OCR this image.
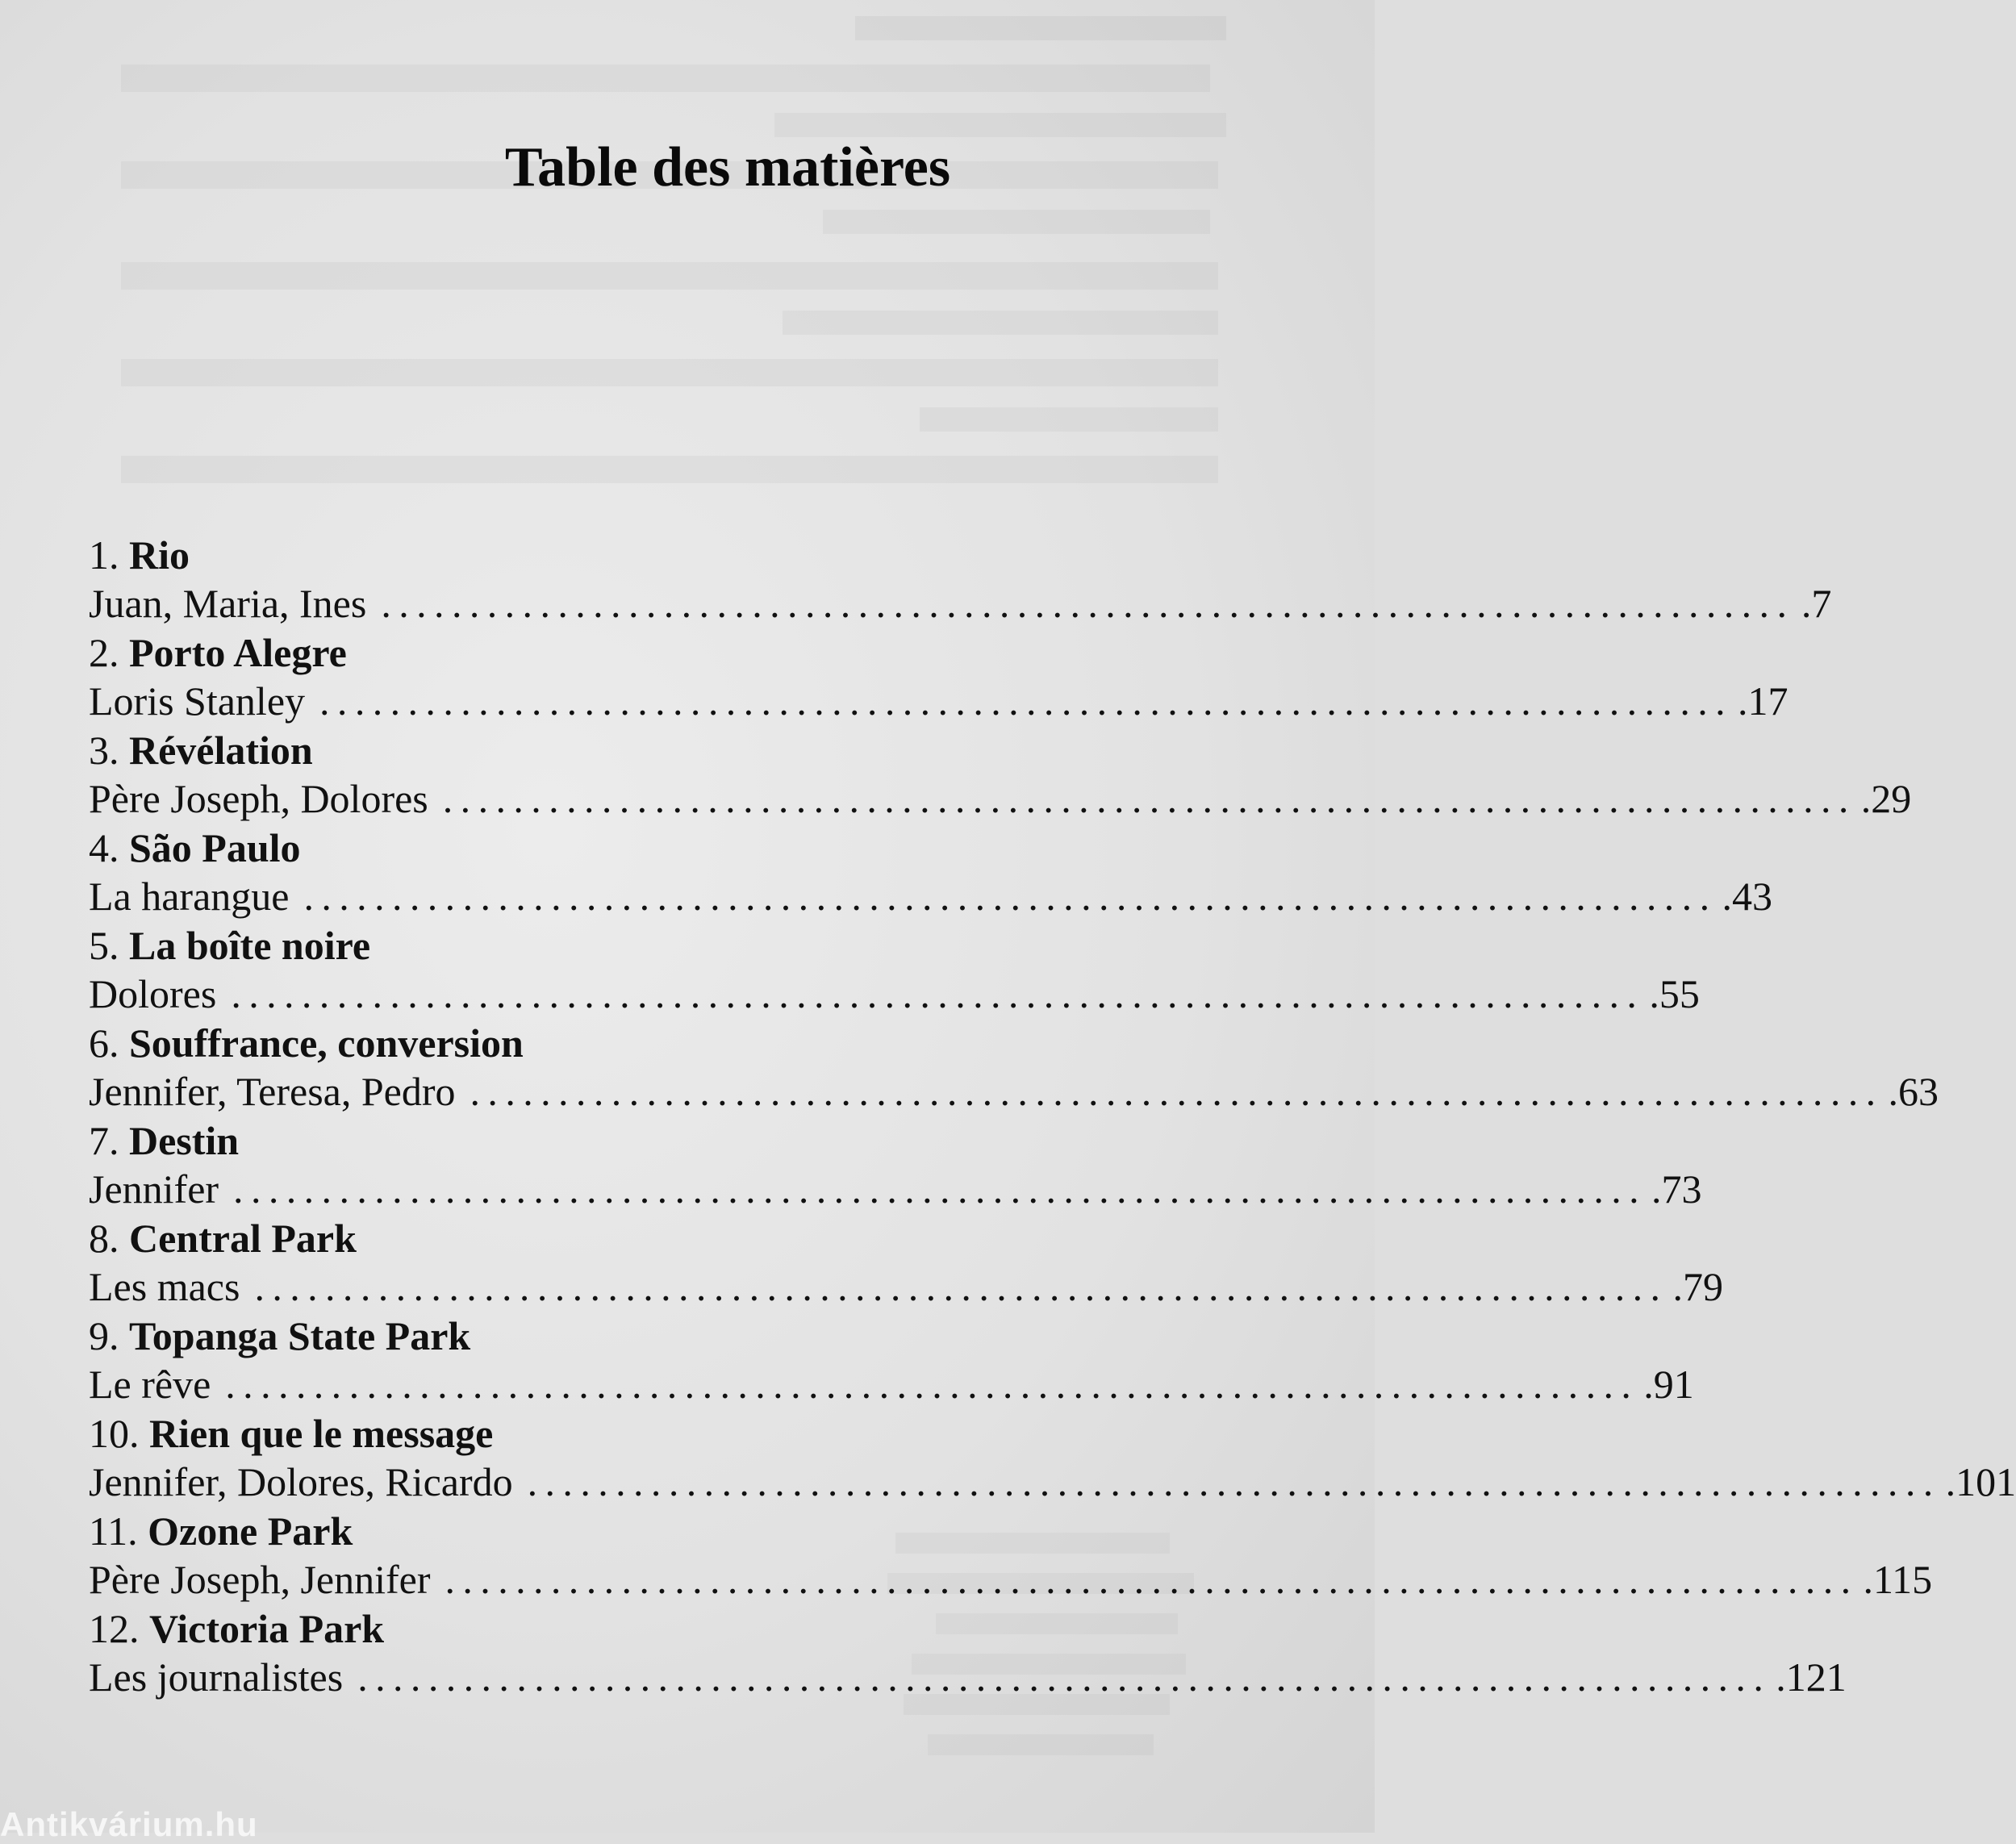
Table des matières
1. Rio
Juan, Maria, Ines ................................................................................ .7
2. Porto Alegre
Loris Stanley ................................................................................ .17
3. Révélation
Père Joseph, Dolores ................................................................................ .29
4. São Paulo
La harangue ................................................................................ .43
5. La boîte noire
Dolores ................................................................................ .55
6. Souffrance, conversion
Jennifer, Teresa, Pedro ................................................................................ .63
7. Destin
Jennifer ................................................................................ .73
8. Central Park
Les macs ................................................................................ .79
9. Topanga State Park
Le rêve ................................................................................ .91
10. Rien que le message
Jennifer, Dolores, Ricardo ................................................................................ .101
11. Ozone Park
Père Joseph, Jennifer ................................................................................ .115
12. Victoria Park
Les journalistes ................................................................................ .121
Antikvárium.hu
